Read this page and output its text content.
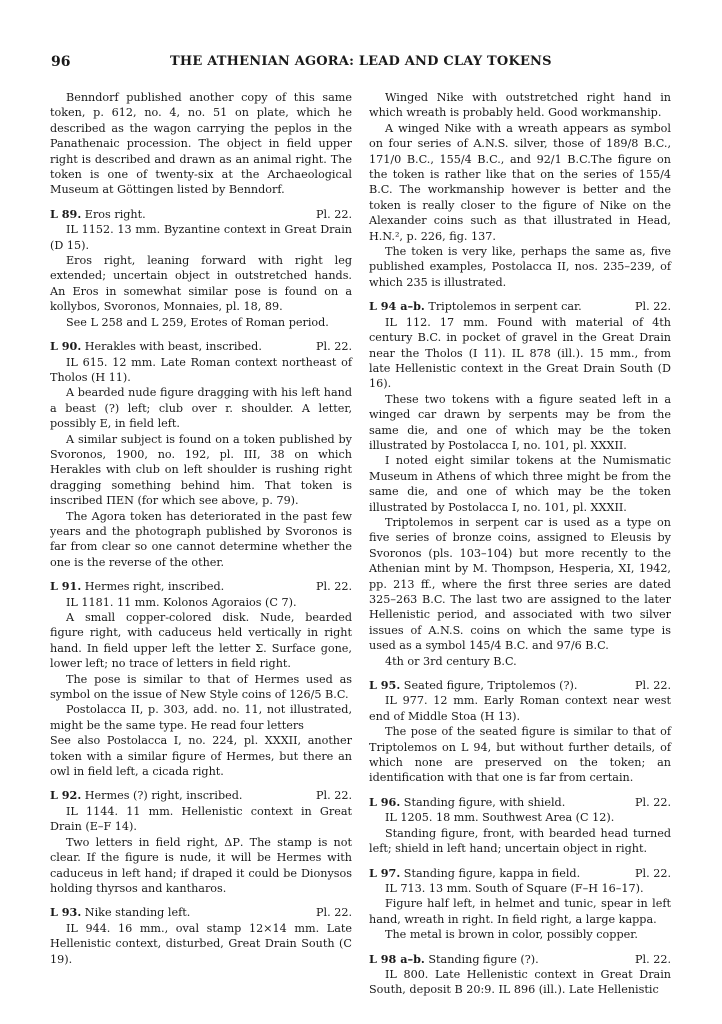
96	THE ATHENIAN AGORA: LEAD AND CLAY TOKENS

Benndorf published another copy of this same token, p. 612, no. 4, no. 51 on plate, which he described as the wagon carrying the peplos in the Panathenaic procession. The object in field upper right is described and drawn as an animal right. The token is one of twenty-six at the Archaeological Museum at Göttingen listed by Benndorf.

L 89. Eros right.	Pl. 22.

IL 1152. 13 mm. Byzantine context in Great Drain (D 15).

Eros right, leaning forward with right leg extended; uncertain object in outstretched hands. An Eros in somewhat similar pose is found on a kollybos, Svoronos, Monnaies, pl. 18, 89.

See L 258 and L 259, Erotes of Roman period.

L 90. Herakles with beast, inscribed.	Pl. 22.

IL 615. 12 mm. Late Roman context northeast of Tholos (H 11).

A bearded nude figure dragging with his left hand a beast (?) left; club over r. shoulder. A letter, possibly E, in field left.

A similar subject is found on a token published by Svoronos, 1900, no. 192, pl. III, 38 on which Herakles with club on left shoulder is rushing right dragging something behind him. That token is inscribed ΠΕΝ (for which see above, p. 79).

The Agora token has deteriorated in the past few years and the photograph published by Svoronos is far from clear so one cannot determine whether the one is the reverse of the other.

L 91. Hermes right, inscribed.	Pl. 22.

IL 1181. 11 mm. Kolonos Agoraios (C 7).

A small copper-colored disk. Nude, bearded figure right, with caduceus held vertically in right hand. In field upper left the letter Σ. Surface gone, lower left; no trace of letters in field right.

The pose is similar to that of Hermes used as symbol on the issue of New Style coins of 126/5 B.C.

Postolacca II, p. 303, add. no. 11, not illustrated, might be the same type. He read four letters

See also Postolacca I, no. 224, pl. XXXII, another token with a similar figure of Hermes, but there an owl in field left, a cicada right.

L 92. Hermes (?) right, inscribed.	Pl. 22.

IL 1144. 11 mm. Hellenistic context in Great Drain (E–F 14).

Two letters in field right, ΔΡ. The stamp is not clear. If the figure is nude, it will be Hermes with caduceus in left hand; if draped it could be Dionysos holding thyrsos and kantharos.

L 93. Nike standing left.	Pl. 22.

IL 944. 16 mm., oval stamp 12×14 mm. Late Hellenistic context, disturbed, Great Drain South (C 19).

Winged Nike with outstretched right hand in which wreath is probably held. Good workmanship.

A winged Nike with a wreath appears as symbol on four series of A.N.S. silver, those of 189/8 B.C., 171/0 B.C., 155/4 B.C., and 92/1 B.C.The figure on the token is rather like that on the series of 155/4 B.C. The workmanship however is better and the token is really closer to the figure of Nike on the Alexander coins such as that illustrated in Head, H.N.², p. 226, fig. 137.

The token is very like, perhaps the same as, five published examples, Postolacca II, nos. 235–239, of which 235 is illustrated.

L 94 a–b. Triptolemos in serpent car.	Pl. 22.

IL 112. 17 mm. Found with material of 4th century B.C. in pocket of gravel in the Great Drain near the Tholos (I 11). IL 878 (ill.). 15 mm., from late Hellenistic context in the Great Drain South (D 16).

These two tokens with a figure seated left in a winged car drawn by serpents may be from the same die, and one of which may be the token illustrated by Postolacca I, no. 101, pl. XXXII.

I noted eight similar tokens at the Numismatic Museum in Athens of which three might be from the same die, and one of which may be the token illustrated by Postolacca I, no. 101, pl. XXXII.

Triptolemos in serpent car is used as a type on five series of bronze coins, assigned to Eleusis by Svoronos (pls. 103–104) but more recently to the Athenian mint by M. Thompson, Hesperia, XI, 1942, pp. 213 ff., where the first three series are dated 325–263 B.C. The last two are assigned to the later Hellenistic period, and associated with two silver issues of A.N.S. coins on which the same type is used as a symbol 145/4 B.C. and 97/6 B.C.

4th or 3rd century B.C.

L 95. Seated figure, Triptolemos (?).	Pl. 22.

IL 977. 12 mm. Early Roman context near west end of Middle Stoa (H 13).

The pose of the seated figure is similar to that of Triptolemos on L 94, but without further details, of which none are preserved on the token; an identification with that one is far from certain.

L 96. Standing figure, with shield.	Pl. 22.

IL 1205. 18 mm. Southwest Area (C 12).

Standing figure, front, with bearded head turned left; shield in left hand; uncertain object in right.

L 97. Standing figure, kappa in field.	Pl. 22.

IL 713. 13 mm. South of Square (F–H 16–17).

Figure half left, in helmet and tunic, spear in left hand, wreath in right. In field right, a large kappa.

The metal is brown in color, possibly copper.

L 98 a–b. Standing figure (?).	Pl. 22.

IL 800. Late Hellenistic context in Great Drain South, deposit B 20:9. IL 896 (ill.). Late Hellenistic
